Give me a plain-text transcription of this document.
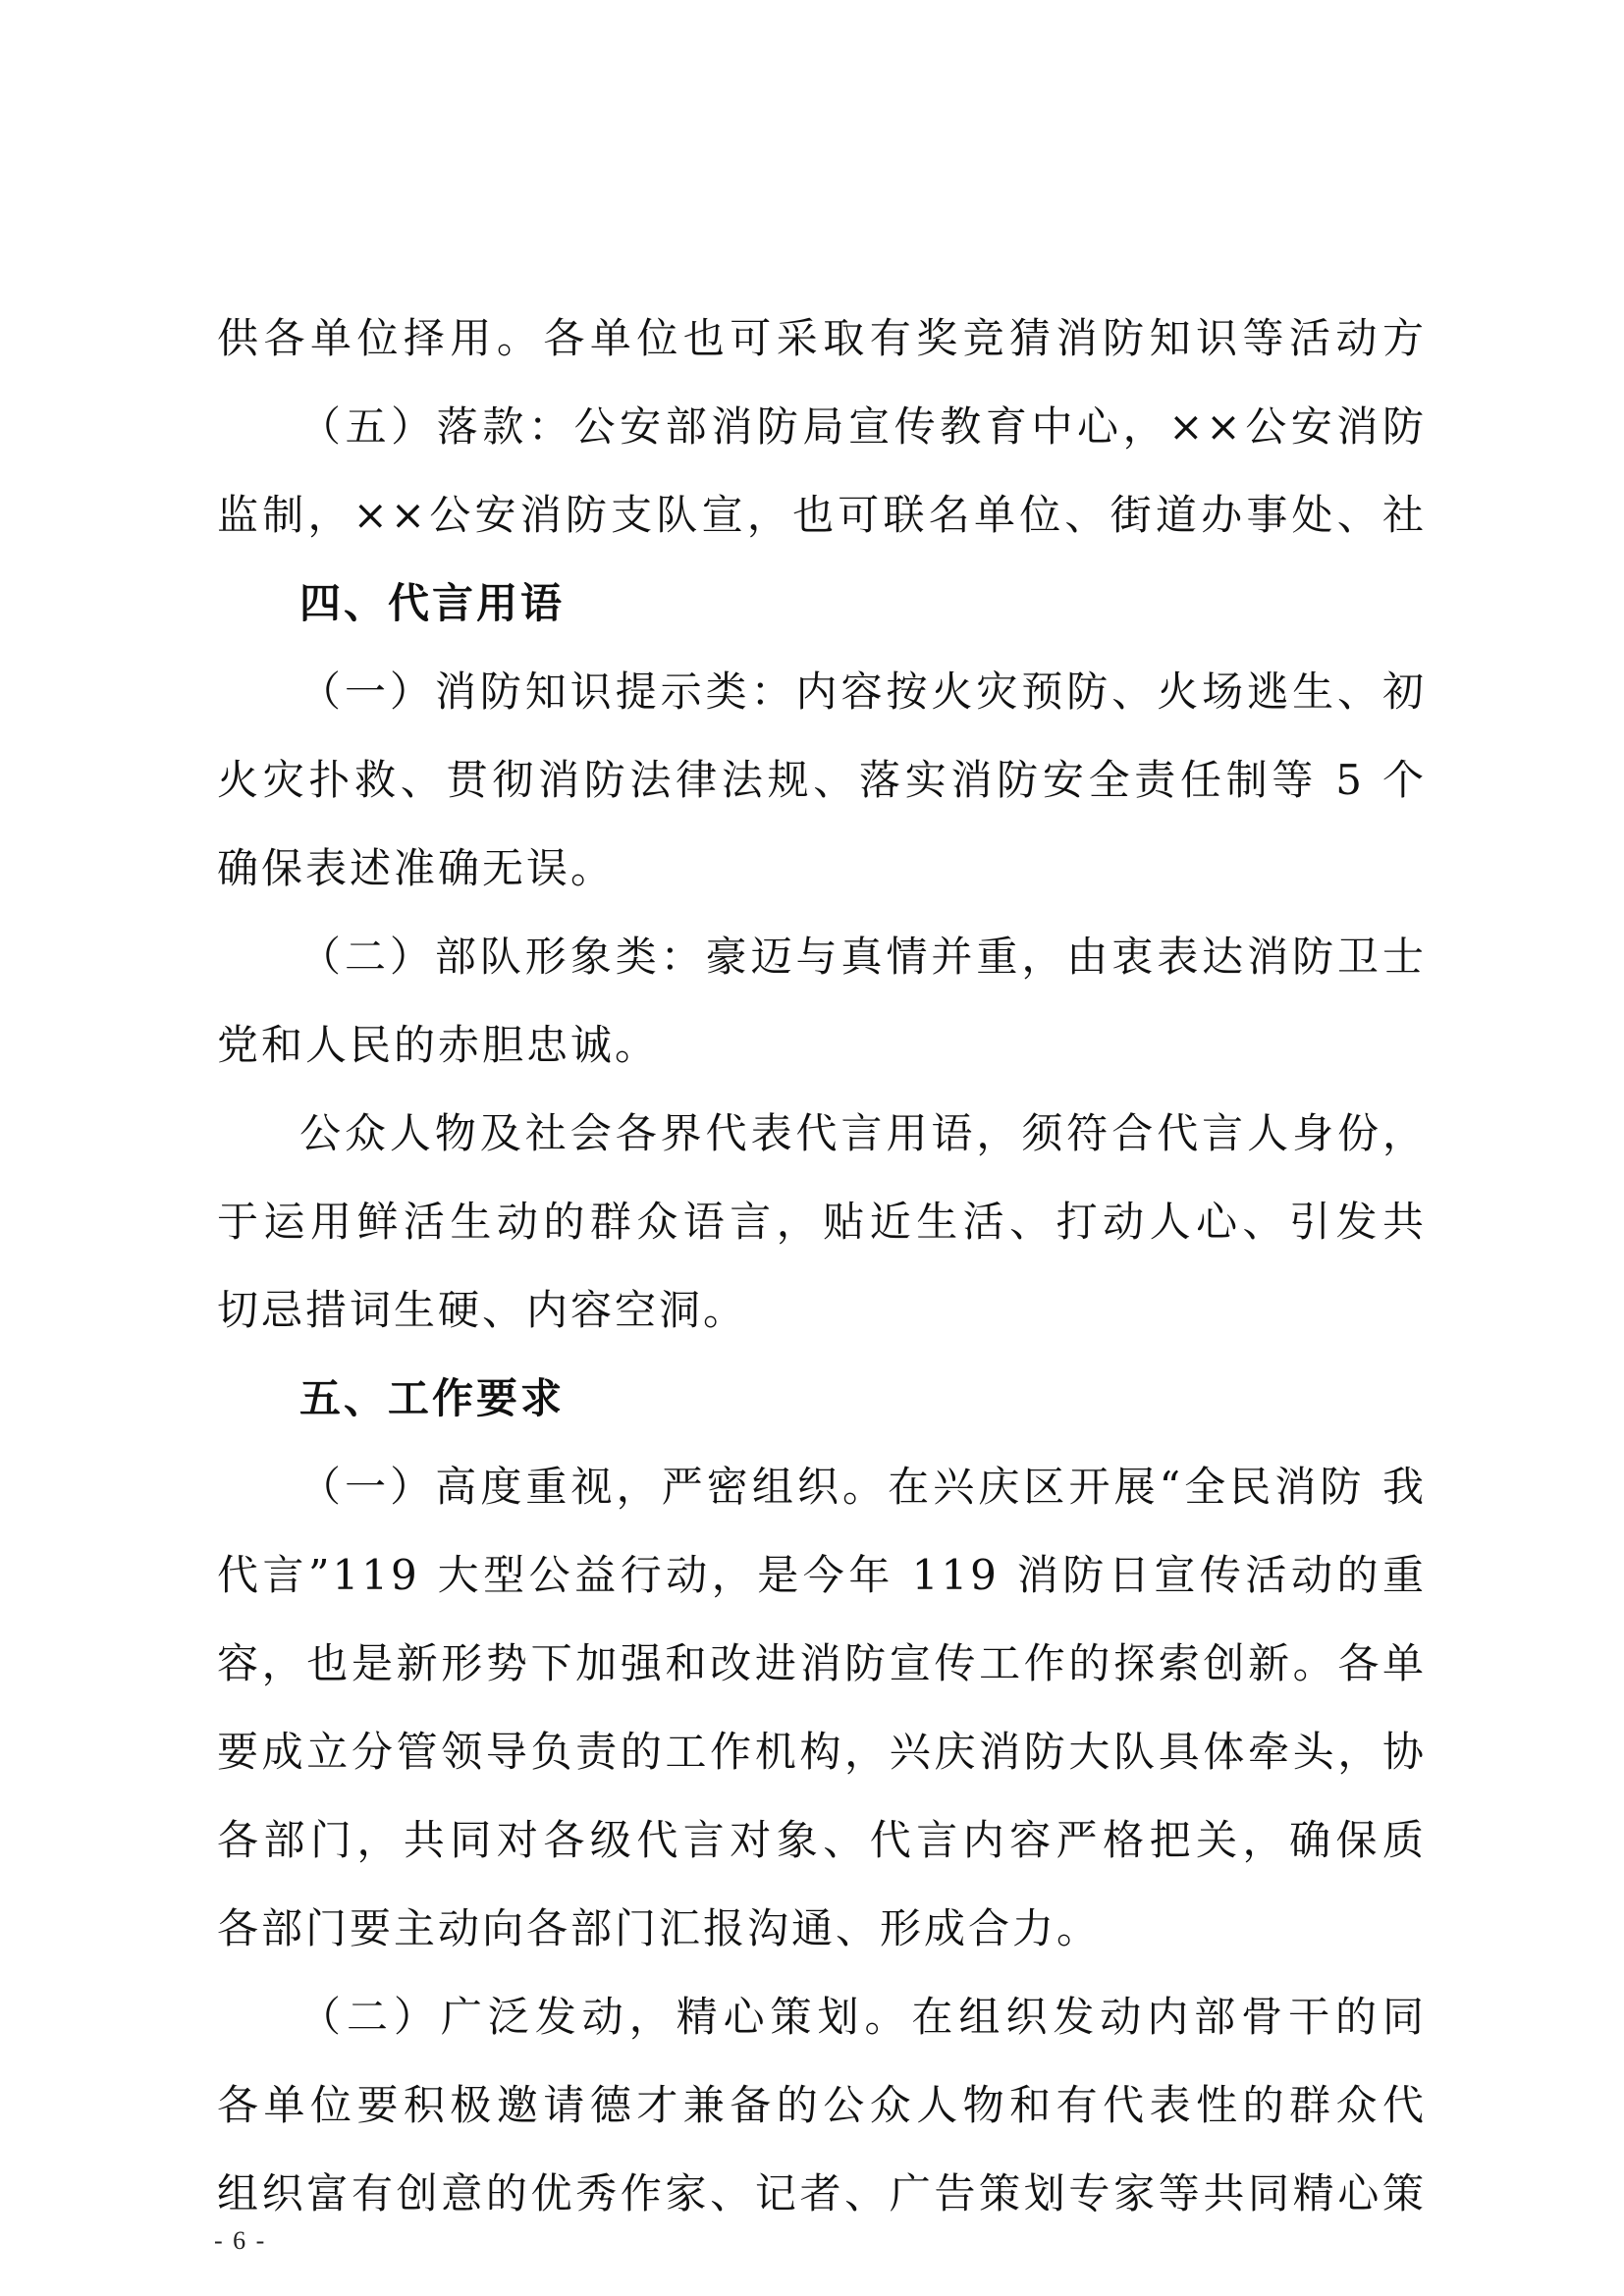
供各单位择用。各单位也可采取有奖竞猜消防知识等活动方
（五）落款：公安部消防局宣传教育中心，××公安消防
监制，××公安消防支队宣，也可联名单位、街道办事处、社
四、代言用语
（一）消防知识提示类：内容按火灾预防、火场逃生、初
火灾扑救、贯彻消防法律法规、落实消防安全责任制等 5 个
确保表述准确无误。
（二）部队形象类：豪迈与真情并重，由衷表达消防卫士
党和人民的赤胆忠诚。
公众人物及社会各界代表代言用语，须符合代言人身份，
于运用鲜活生动的群众语言，贴近生活、打动人心、引发共
切忌措词生硬、内容空洞。
五、工作要求
（一）高度重视，严密组织。在兴庆区开展“全民消防 我
代言”119 大型公益行动，是今年 119 消防日宣传活动的重
容，也是新形势下加强和改进消防宣传工作的探索创新。各单
要成立分管领导负责的工作机构，兴庆消防大队具体牵头，协
各部门，共同对各级代言对象、代言内容严格把关，确保质
各部门要主动向各部门汇报沟通、形成合力。
（二）广泛发动，精心策划。在组织发动内部骨干的同
各单位要积极邀请德才兼备的公众人物和有代表性的群众代
组织富有创意的优秀作家、记者、广告策划专家等共同精心策
- 6 -
